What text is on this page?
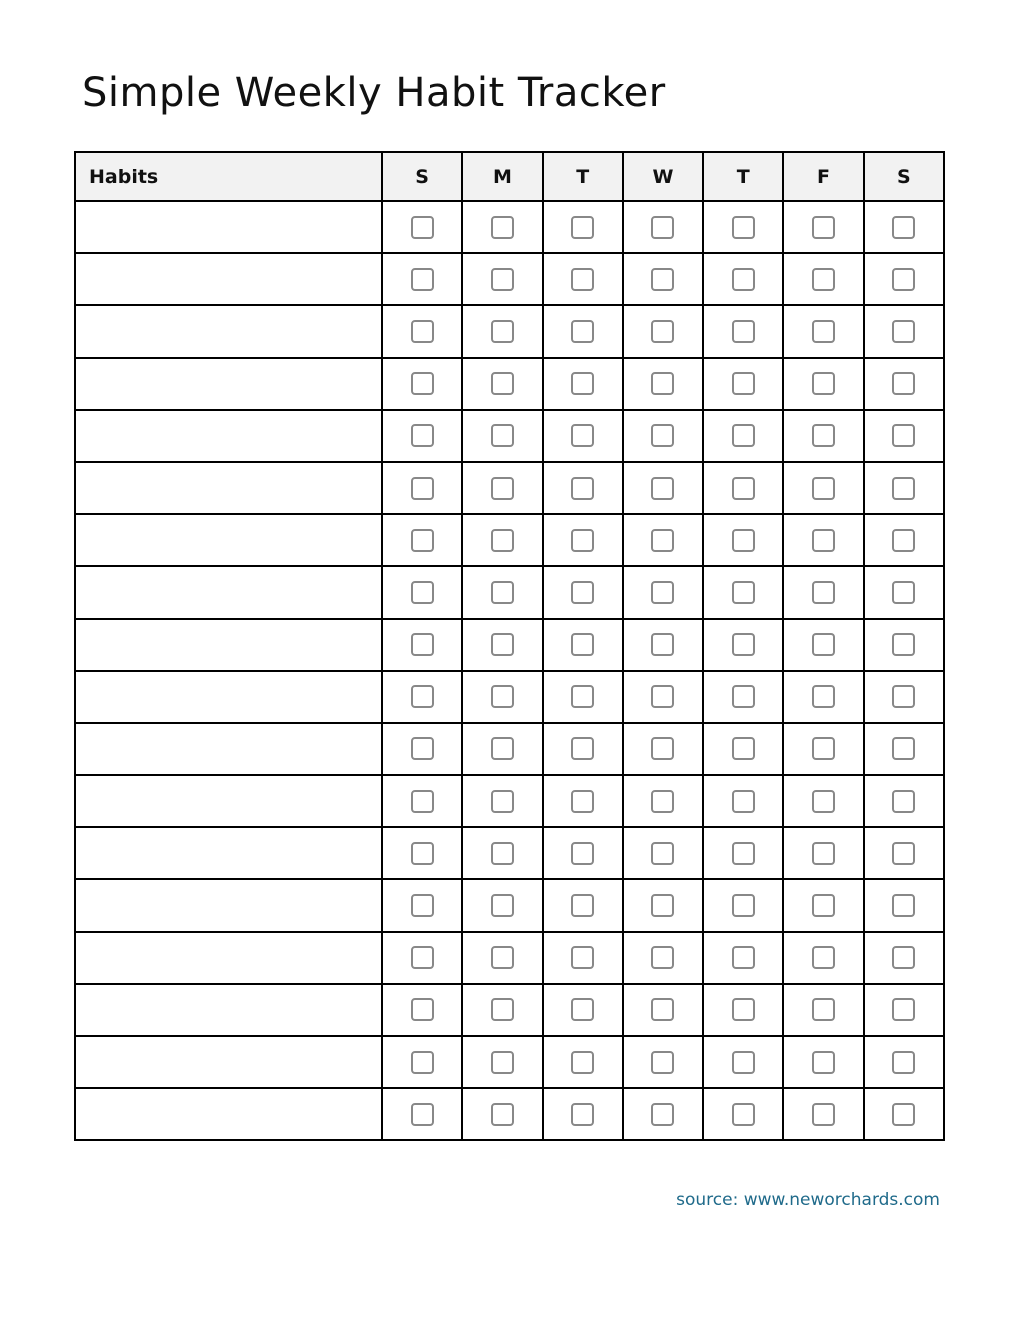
Simple Weekly Habit Tracker
Habits	S	M	T	W	T	F	S

source: www.neworchards.com
